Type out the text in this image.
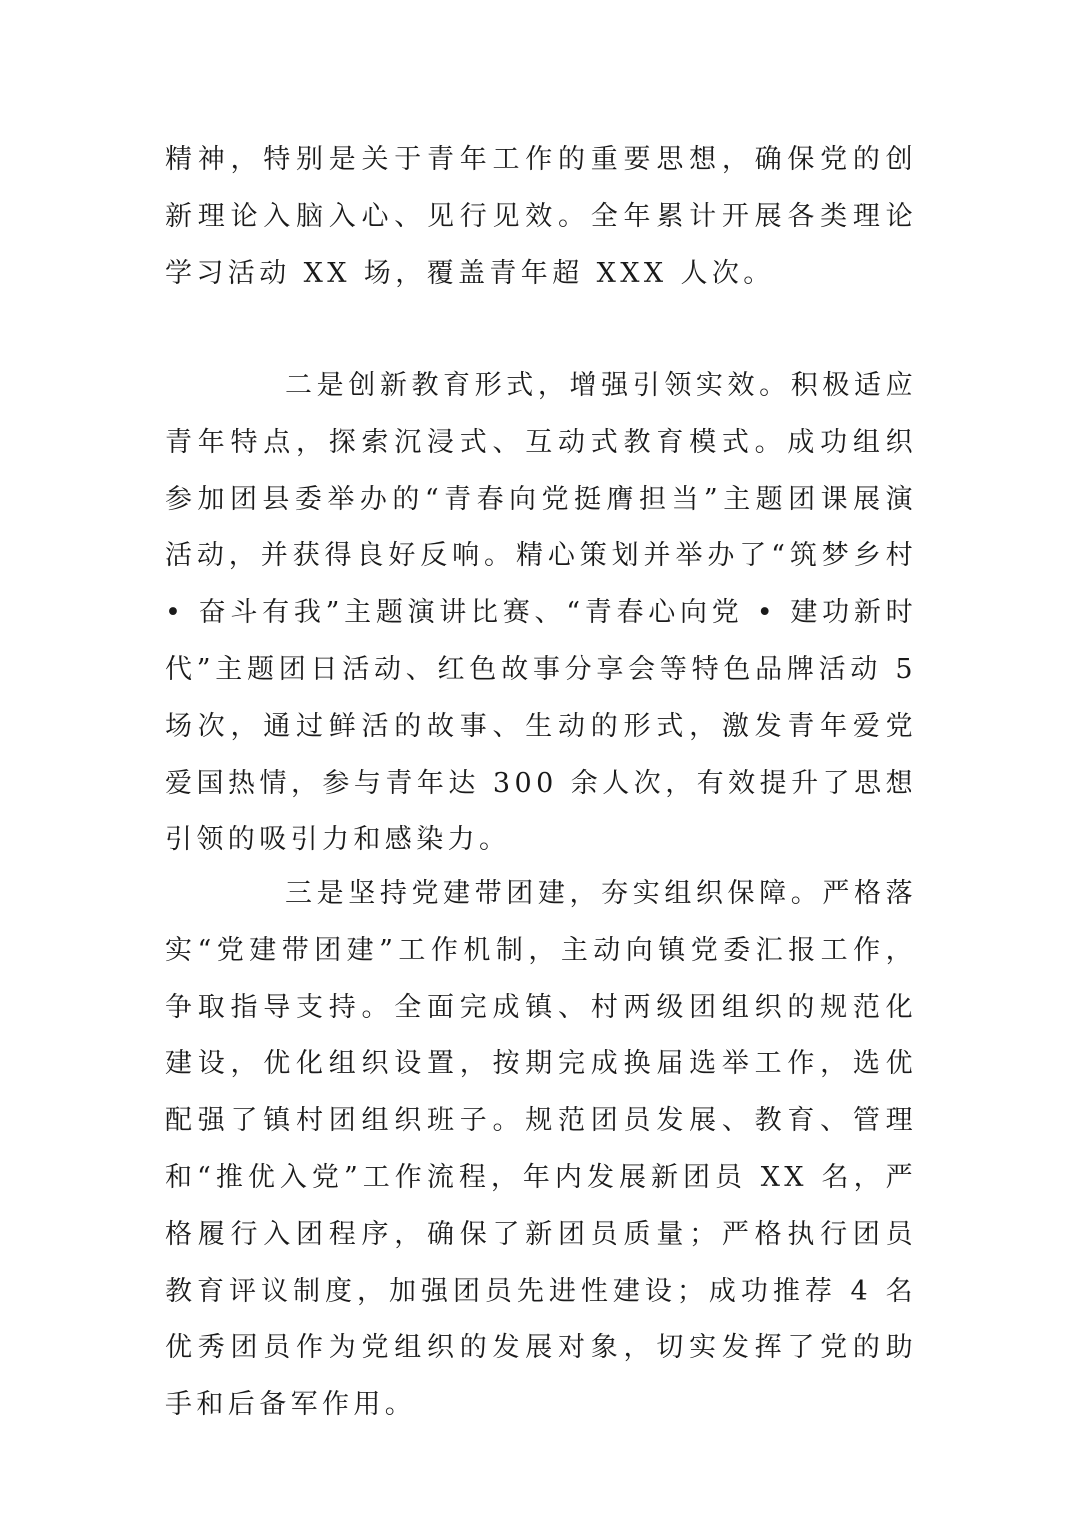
精神，特别是关于青年工作的重要思想，确保党的创新理论入脑入心、见行见效。全年累计开展各类理论学习活动 XX 场，覆盖青年超 XXX 人次。

二是创新教育形式，增强引领实效。积极适应青年特点，探索沉浸式、互动式教育模式。成功组织参加团县委举办的“青春向党挺膺担当”主题团课展演活动，并获得良好反响。精心策划并举办了“筑梦乡村 • 奋斗有我”主题演讲比赛、“青春心向党 • 建功新时代”主题团日活动、红色故事分享会等特色品牌活动 5 场次，通过鲜活的故事、生动的形式，激发青年爱党爱国热情，参与青年达 300 余人次，有效提升了思想引领的吸引力和感染力。

三是坚持党建带团建，夯实组织保障。严格落实“党建带团建”工作机制，主动向镇党委汇报工作，争取指导支持。全面完成镇、村两级团组织的规范化建设，优化组织设置，按期完成换届选举工作，选优配强了镇村团组织班子。规范团员发展、教育、管理和“推优入党”工作流程，年内发展新团员 XX 名，严格履行入团程序，确保了新团员质量；严格执行团员教育评议制度，加强团员先进性建设；成功推荐 4 名优秀团员作为党组织的发展对象，切实发挥了党的助手和后备军作用。
